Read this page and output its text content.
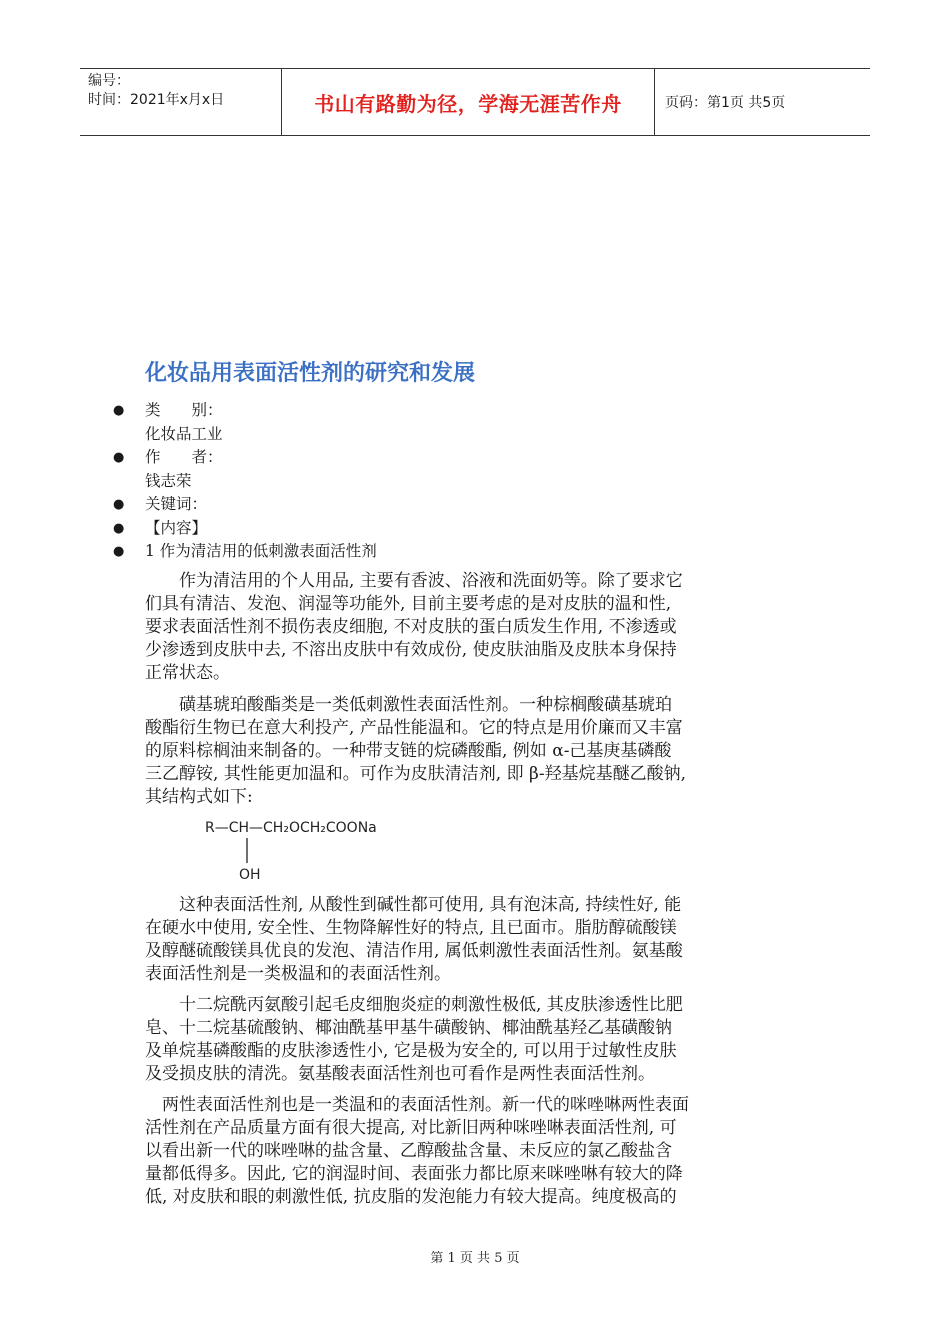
编号：
时间：2021年x月x日	书山有路勤为径，学海无涯苦作舟	页码：第1页 共5页
化妆品用表面活性剂的研究和发展
● 类　　别：
化妆品工业
● 作　　者：
钱志荣
● 关键词：
● 【内容】
● 1 作为清洁用的低刺激表面活性剂

　　作为清洁用的个人用品, 主要有香波、浴液和洗面奶等。除了要求它
们具有清洁、发泡、润湿等功能外, 目前主要考虑的是对皮肤的温和性,
要求表面活性剂不损伤表皮细胞, 不对皮肤的蛋白质发生作用, 不渗透或
少渗透到皮肤中去, 不溶出皮肤中有效成份, 使皮肤油脂及皮肤本身保持
正常状态。

　　磺基琥珀酸酯类是一类低刺激性表面活性剂。一种棕榈酸磺基琥珀
酸酯衍生物已在意大利投产, 产品性能温和。它的特点是用价廉而又丰富
的原料棕榈油来制备的。一种带支链的烷磷酸酯, 例如 α-己基庚基磷酸
三乙醇铵, 其性能更加温和。可作为皮肤清洁剂, 即 β-羟基烷基醚乙酸钠,
其结构式如下:

R—CH—CH₂OCH₂COONa
OH

　　这种表面活性剂, 从酸性到碱性都可使用, 具有泡沫高, 持续性好, 能
在硬水中使用, 安全性、生物降解性好的特点, 且已面市。脂肪醇硫酸镁
及醇醚硫酸镁具优良的发泡、清洁作用, 属低刺激性表面活性剂。氨基酸
表面活性剂是一类极温和的表面活性剂。

　　十二烷酰丙氨酸引起毛皮细胞炎症的刺激性极低, 其皮肤渗透性比肥
皂、十二烷基硫酸钠、椰油酰基甲基牛磺酸钠、椰油酰基羟乙基磺酸钠
及单烷基磷酸酯的皮肤渗透性小, 它是极为安全的, 可以用于过敏性皮肤
及受损皮肤的清洗。氨基酸表面活性剂也可看作是两性表面活性剂。

　两性表面活性剂也是一类温和的表面活性剂。新一代的咪唑啉两性表面
活性剂在产品质量方面有很大提高, 对比新旧两种咪唑啉表面活性剂, 可
以看出新一代的咪唑啉的盐含量、乙醇酸盐含量、未反应的氯乙酸盐含
量都低得多。因此, 它的润湿时间、表面张力都比原来咪唑啉有较大的降
低, 对皮肤和眼的刺激性低, 抗皮脂的发泡能力有较大提高。纯度极高的

第 1 页 共 5 页
